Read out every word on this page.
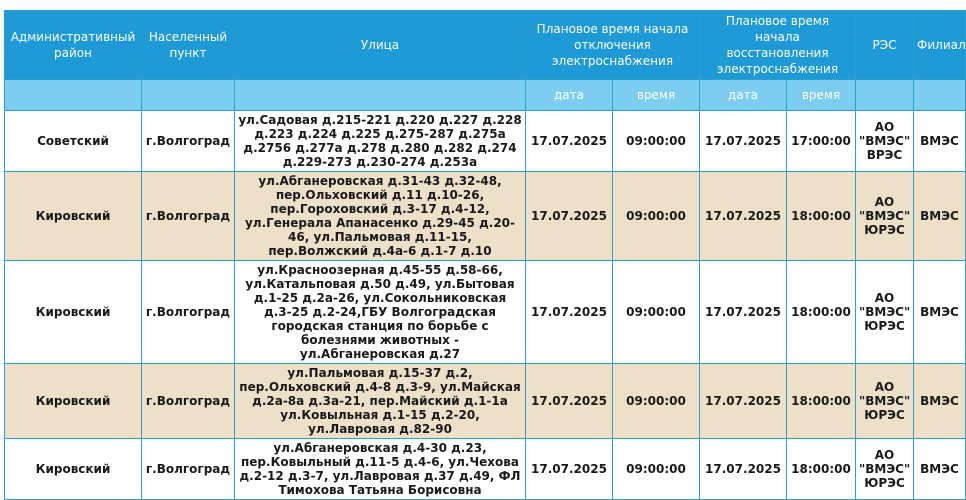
Административный район	Населенный пункт	Улица	Плановое время начала отключения электроснабжения		Плановое время начала восстановления электроснабжения		РЭС	Филиал
			дата	время	дата	время		
Советский	г.Волгоград	ул.Садовая д.215-221 д.220 д.227 д.228 д.223 д.224 д.225 д.275-287 д.275а д.2756 д.277а д.278 д.280 д.282 д.274 д.229-273 д.230-274 д.253а	17.07.2025	09:00:00	17.07.2025	17:00:00	АО "ВМЭС" ВРЭС	ВМЭС
Кировский	г.Волгоград	ул.Абганеровская д.31-43 д.32-48, пер.Ольховский д.11 д.10-26, пер.Гороховский д.3-17 д.4-12, ул.Генерала Апанасенко д.29-45 д.20-46, ул.Пальмовая д.11-15, пер.Волжский д.4а-6 д.1-7 д.10	17.07.2025	09:00:00	17.07.2025	18:00:00	АО "ВМЭС" ЮРЭС	ВМЭС
Кировский	г.Волгоград	ул.Красноозерная д.45-55 д.58-66, ул.Катальповая д.50 д.49, ул.Бытовая д.1-25 д.2а-26, ул.Сокольниковская д.3-25 д.2-24,ГБУ Волгоградская городская станция по борьбе с болезнями животных - ул.Абганеровская д.27	17.07.2025	09:00:00	17.07.2025	18:00:00	АО "ВМЭС" ЮРЭС	ВМЭС
Кировский	г.Волгоград	ул.Пальмовая д.15-37 д.2, пер.Ольховский д.4-8 д.3-9, ул.Майская д.2а-8а д.3а-21, пер.Майский д.1-1а ул.Ковыльная д.1-15 д.2-20, ул.Лавровая д.82-90	17.07.2025	09:00:00	17.07.2025	18:00:00	АО "ВМЭС" ЮРЭС	ВМЭС
Кировский	г.Волгоград	ул.Абганеровская д.4-30 д.23, пер.Ковыльный д.11-5 д.4-6, ул.Чехова д.2-12 д.3-7, ул.Лавровая д.37 д.49, ФЛ Тимохова Татьяна Борисовна	17.07.2025	09:00:00	17.07.2025	18:00:00	АО "ВМЭС" ЮРЭС	ВМЭС
